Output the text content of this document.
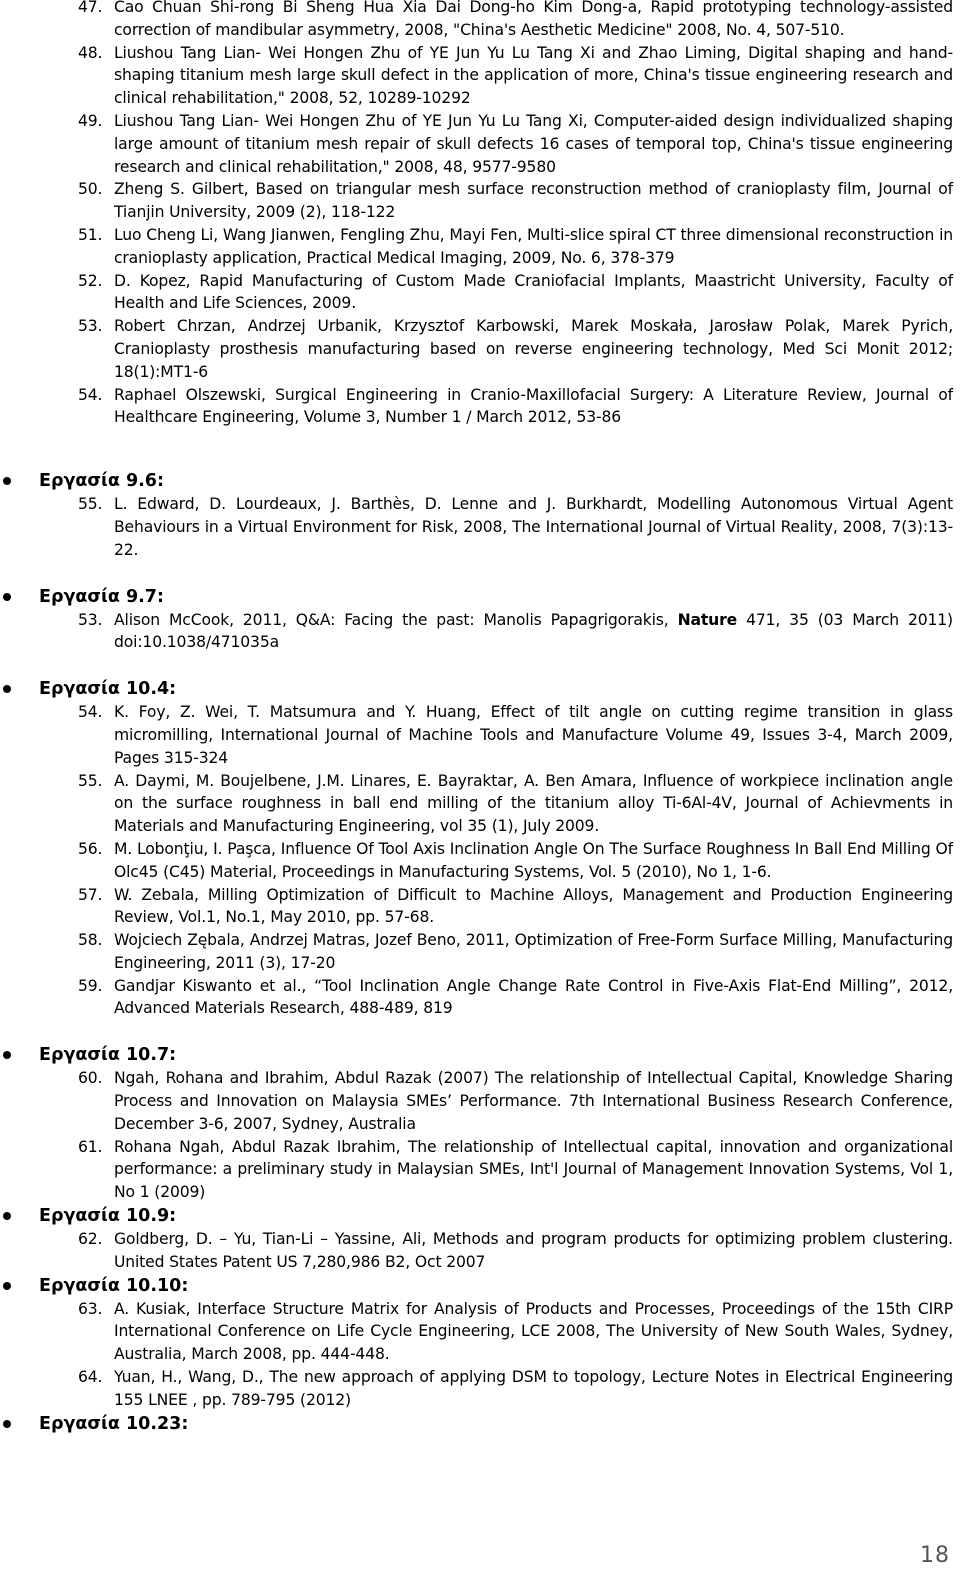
47. Cao Chuan Shi-rong Bi Sheng Hua Xia Dai Dong-ho Kim Dong-a, Rapid prototyping technology-assisted correction of mandibular asymmetry, 2008, "China's Aesthetic Medicine" 2008, No. 4, 507-510.
48. Liushou Tang Lian- Wei Hongen Zhu of YE Jun Yu Lu Tang Xi and Zhao Liming, Digital shaping and hand-shaping titanium mesh large skull defect in the application of more, China's tissue engineering research and clinical rehabilitation," 2008, 52, 10289-10292
49. Liushou Tang Lian- Wei Hongen Zhu of YE Jun Yu Lu Tang Xi, Computer-aided design individualized shaping large amount of titanium mesh repair of skull defects 16 cases of temporal top, China's tissue engineering research and clinical rehabilitation," 2008, 48, 9577-9580
50. Zheng S. Gilbert, Based on triangular mesh surface reconstruction method of cranioplasty film, Journal of Tianjin University, 2009 (2), 118-122
51. Luo Cheng Li, Wang Jianwen, Fengling Zhu, Mayi Fen, Multi-slice spiral CT three dimensional reconstruction in cranioplasty application, Practical Medical Imaging, 2009, No. 6, 378-379
52. D. Kopez, Rapid Manufacturing of Custom Made Craniofacial Implants, Maastricht University, Faculty of Health and Life Sciences, 2009.
53. Robert Chrzan, Andrzej Urbanik, Krzysztof Karbowski, Marek Moskała, Jarosław Polak, Marek Pyrich, Cranioplasty prosthesis manufacturing based on reverse engineering technology, Med Sci Monit 2012; 18(1):MT1-6
54. Raphael Olszewski, Surgical Engineering in Cranio-Maxillofacial Surgery: A Literature Review, Journal of Healthcare Engineering, Volume 3, Number 1 / March 2012, 53-86
Εργασία 9.6:
55. L. Edward, D. Lourdeaux, J. Barthès, D. Lenne and J. Burkhardt, Modelling Autonomous Virtual Agent Behaviours in a Virtual Environment for Risk, 2008, The International Journal of Virtual Reality, 2008, 7(3):13-22.
Εργασία 9.7:
53. Alison McCook, 2011, Q&A: Facing the past: Manolis Papagrigorakis, Nature 471, 35 (03 March 2011) doi:10.1038/471035a
Εργασία 10.4:
54. K. Foy, Z. Wei, T. Matsumura and Y. Huang, Effect of tilt angle on cutting regime transition in glass micromilling, International Journal of Machine Tools and Manufacture Volume 49, Issues 3-4, March 2009, Pages 315-324
55. A. Daymi, M. Boujelbene, J.M. Linares, E. Bayraktar, A. Ben Amara, Influence of workpiece inclination angle on the surface roughness in ball end milling of the titanium alloy Ti-6Al-4V, Journal of Achievments in Materials and Manufacturing Engineering, vol 35 (1), July 2009.
56. M. Lobonţiu, I. Paşca, Influence Of Tool Axis Inclination Angle On The Surface Roughness In Ball End Milling Of Olc45 (C45) Material, Proceedings in Manufacturing Systems, Vol. 5 (2010), No 1, 1-6.
57. W. Zebala, Milling Optimization of Difficult to Machine Alloys, Management and Production Engineering Review, Vol.1, No.1, May 2010, pp. 57-68.
58. Wojciech Zębala, Andrzej Matras, Jozef Beno, 2011, Optimization of Free-Form Surface Milling, Manufacturing Engineering, 2011 (3), 17-20
59. Gandjar Kiswanto et al., “Tool Inclination Angle Change Rate Control in Five-Axis Flat-End Milling”, 2012, Advanced Materials Research, 488-489, 819
Εργασία 10.7:
60. Ngah, Rohana and Ibrahim, Abdul Razak (2007) The relationship of Intellectual Capital, Knowledge Sharing Process and Innovation on Malaysia SMEs’ Performance. 7th International Business Research Conference, December 3-6, 2007, Sydney, Australia
61. Rohana Ngah, Abdul Razak Ibrahim, The relationship of Intellectual capital, innovation and organizational performance: a preliminary study in Malaysian SMEs, Int'l Journal of Management Innovation Systems, Vol 1, No 1 (2009)
Εργασία 10.9:
62. Goldberg, D. – Yu, Tian-Li – Yassine, Ali, Methods and program products for optimizing problem clustering. United States Patent US 7,280,986 B2, Oct 2007
Εργασία 10.10:
63. A. Kusiak, Interface Structure Matrix for Analysis of Products and Processes, Proceedings of the 15th CIRP International Conference on Life Cycle Engineering, LCE 2008, The University of New South Wales, Sydney, Australia, March 2008, pp. 444-448.
64. Yuan, H., Wang, D., The new approach of applying DSM to topology, Lecture Notes in Electrical Engineering 155 LNEE , pp. 789-795 (2012)
Εργασία 10.23:
18
